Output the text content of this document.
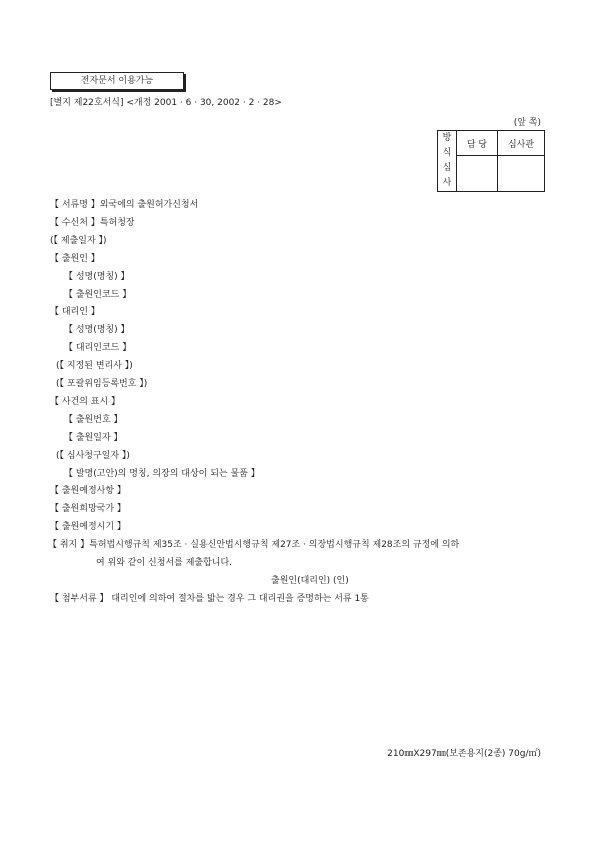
전자문서 이용가능
[별지 제22호서식] <개정 2001 · 6 · 30, 2002 · 2 · 28>
(앞 쪽)
방
식
심
사	담 당	심사관

【 서류명 】외국에의 출원허가신청서
【 수신처 】특허청장
(【 제출일자 】)
【 출원인 】
【 성명(명칭) 】
【 출원인코드 】
【 대리인 】
【 성명(명칭) 】
【 대리인코드 】
(【 지정된 변리사 】)
(【 포괄위임등록번호 】)
【 사건의 표시 】
【 출원번호 】
【 출원일자 】
(【 심사청구일자 】)
【 발명(고안)의 명칭, 의장의 대상이 되는 물품 】
【 출원예정사항 】
【 출원희망국가 】
【 출원예정시기 】
【 취지 】특허법시행규칙 제35조 · 실용신안법시행규칙 제27조 · 의장법시행규칙 제28조의 규정에 의하
여 위와 같이 신청서를 제출합니다.
출원인(대리인) (인)
【 첨부서류 】 대리인에 의하여 절차를 밟는 경우 그 대리권을 증명하는 서류 1통
210㎜X297㎜(보존용지(2종) 70g/㎡)
